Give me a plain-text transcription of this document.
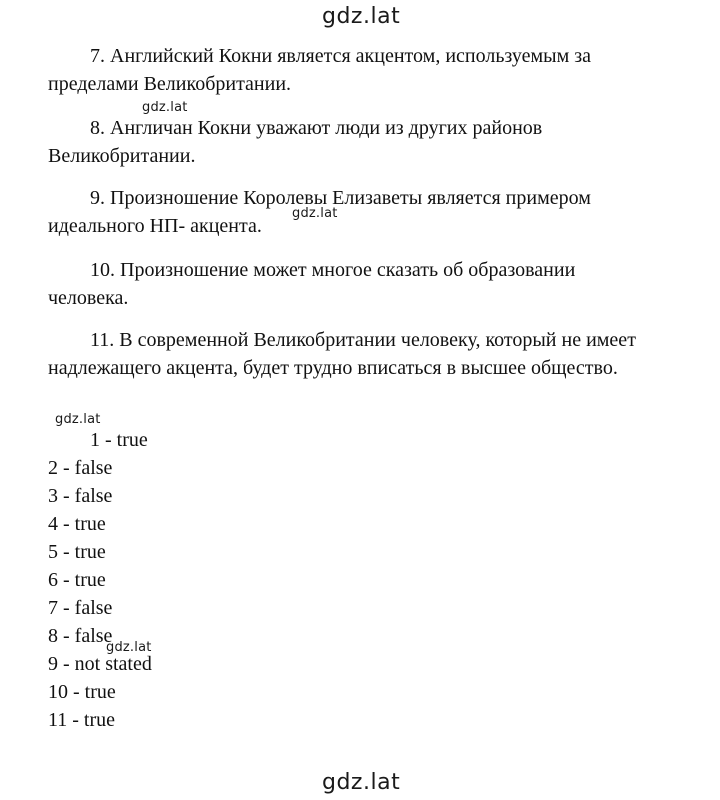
gdz.lat
7. Английский Кокни является акцентом, используемым за пределами Великобритании.
gdz.lat
8. Англичан Кокни уважают люди из других районов Великобритании.
9. Произношение Королевы Елизаветы является примером идеального НП- акцента.
gdz.lat
10. Произношение может многое сказать об образовании человека.
11. В современной Великобритании человеку, который не имеет надлежащего акцента, будет трудно вписаться в высшее общество.
gdz.lat
1 - true
2 - false
3 - false
4 - true
5 - true
6 - true
7 - false
8 - false
gdz.lat
9 - not stated
10 - true
11 - true
gdz.lat
